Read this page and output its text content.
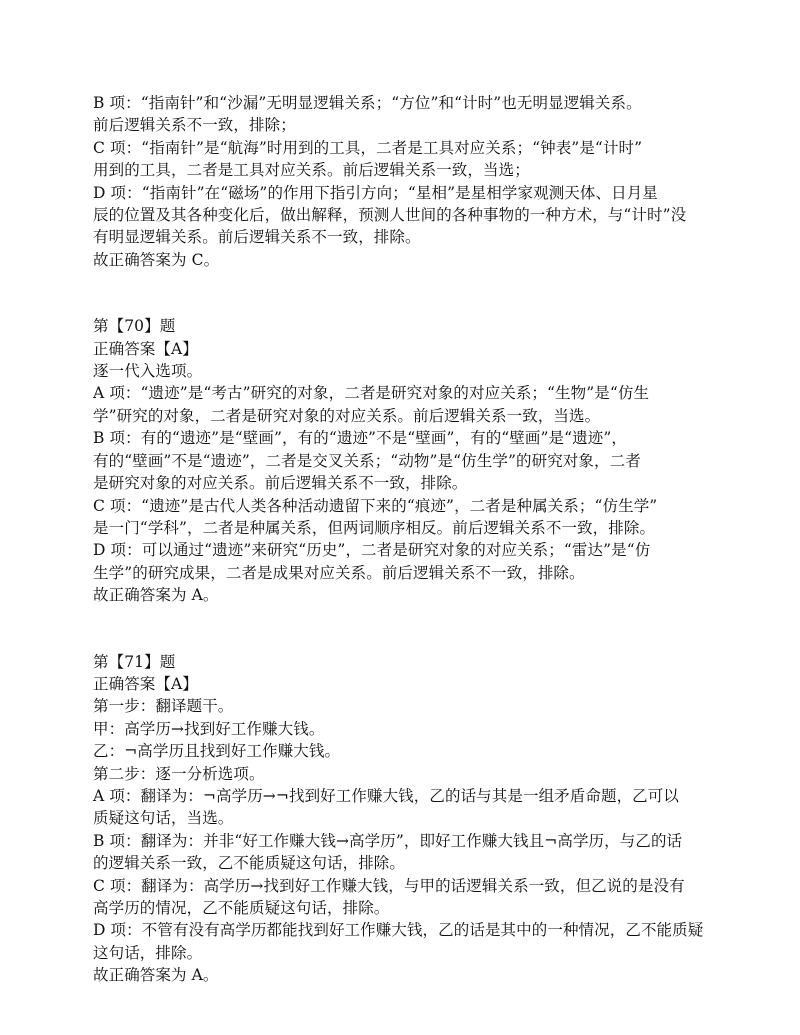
B 项：“指南针”和“沙漏”无明显逻辑关系；“方位”和“计时”也无明显逻辑关系。
前后逻辑关系不一致，排除；
C 项：“指南针”是“航海”时用到的工具，二者是工具对应关系；“钟表”是“计时”
用到的工具，二者是工具对应关系。前后逻辑关系一致，当选；
D 项：“指南针”在“磁场”的作用下指引方向；“星相”是星相学家观测天体、日月星
辰的位置及其各种变化后，做出解释，预测人世间的各种事物的一种方术，与“计时”没
有明显逻辑关系。前后逻辑关系不一致，排除。
故正确答案为 C。
第【70】题
正确答案【A】
逐一代入选项。
A 项：“遗迹”是“考古”研究的对象，二者是研究对象的对应关系；“生物”是“仿生
学”研究的对象，二者是研究对象的对应关系。前后逻辑关系一致，当选。
B 项：有的“遗迹”是“壁画”，有的“遗迹”不是“壁画”，有的“壁画”是“遗迹”，
有的“壁画”不是“遗迹”，二者是交叉关系；“动物”是“仿生学”的研究对象，二者
是研究对象的对应关系。前后逻辑关系不一致，排除。
C 项：“遗迹”是古代人类各种活动遗留下来的“痕迹”，二者是种属关系；“仿生学”
是一门“学科”，二者是种属关系，但两词顺序相反。前后逻辑关系不一致，排除。
D 项：可以通过“遗迹”来研究“历史”，二者是研究对象的对应关系；“雷达”是“仿
生学”的研究成果，二者是成果对应关系。前后逻辑关系不一致，排除。
故正确答案为 A。
第【71】题
正确答案【A】
第一步：翻译题干。
甲：高学历→找到好工作赚大钱。
乙：¬高学历且找到好工作赚大钱。
第二步：逐一分析选项。
A 项：翻译为：¬高学历→¬找到好工作赚大钱，乙的话与其是一组矛盾命题，乙可以
质疑这句话，当选。
B 项：翻译为：并非“好工作赚大钱→高学历”，即好工作赚大钱且¬高学历，与乙的话
的逻辑关系一致，乙不能质疑这句话，排除。
C 项：翻译为：高学历→找到好工作赚大钱，与甲的话逻辑关系一致，但乙说的是没有
高学历的情况，乙不能质疑这句话，排除。
D 项：不管有没有高学历都能找到好工作赚大钱，乙的话是其中的一种情况，乙不能质疑
这句话，排除。
故正确答案为 A。
